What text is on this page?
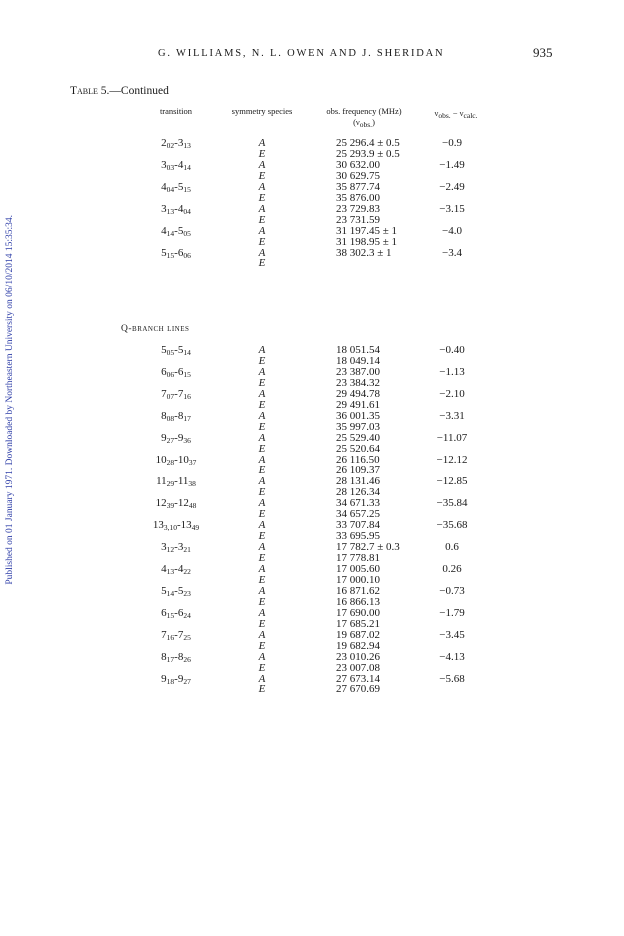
Published on 01 January 1971. Downloaded by Northeastern University on 06/10/2014 15:35:34.
G. WILLIAMS, N. L. OWEN AND J. SHERIDAN	935
Table 5.—Continued
transition	symmetry species	obs. frequency (MHz)
$(\nu_{obs.})$
$\nu_{obs.} - \nu_{calc.}$
Q-branch lines
$2_{02}-3_{13}$	A	25 296.4 ± 0.5	−0.9
E	25 293.9 ± 0.5
$3_{03}-4_{14}$	A	30 632.00	−1.49
E	30 629.75
$4_{04}-5_{15}$	A	35 877.74	−2.49
E	35 876.00
$3_{13}-4_{04}$	A	23 729.83	−3.15
E	23 731.59
$4_{14}-5_{05}$	A	31 197.45 ± 1	−4.0
E	31 198.95 ± 1
$5_{15}-6_{06}$	A	38 302.3 ± 1	−3.4
E
$5_{05}-5_{14}$	A	18 051.54	−0.40
E	18 049.14
$6_{06}-6_{15}$	A	23 387.00	−1.13
E	23 384.32
$7_{07}-7_{16}$	A	29 494.78	−2.10
E	29 491.61
$8_{08}-8_{17}$	A	36 001.35	−3.31
E	35 997.03
$9_{27}-9_{36}$	A	25 529.40	−11.07
E	25 520.64
$10_{28}-10_{37}$	A	26 116.50	−12.12
E	26 109.37
$11_{29}-11_{38}$	A	28 131.46	−12.85
E	28 126.34
$12_{39}-12_{48}$	A	34 671.33	−35.84
E	34 657.25
$13_{3,10}-13_{49}$	A	33 707.84	−35.68
E	33 695.95
$3_{12}-3_{21}$	A	17 782.7 ± 0.3	0.6
E	17 778.81
$4_{13}-4_{22}$	A	17 005.60	0.26
E	17 000.10
$5_{14}-5_{23}$	A	16 871.62	−0.73
E	16 866.13
$6_{15}-6_{24}$	A	17 690.00	−1.79
E	17 685.21
$7_{16}-7_{25}$	A	19 687.02	−3.45
E	19 682.94
$8_{17}-8_{26}$	A	23 010.26	−4.13
E	23 007.08
$9_{18}-9_{27}$	A	27 673.14	−5.68
E	27 670.69
